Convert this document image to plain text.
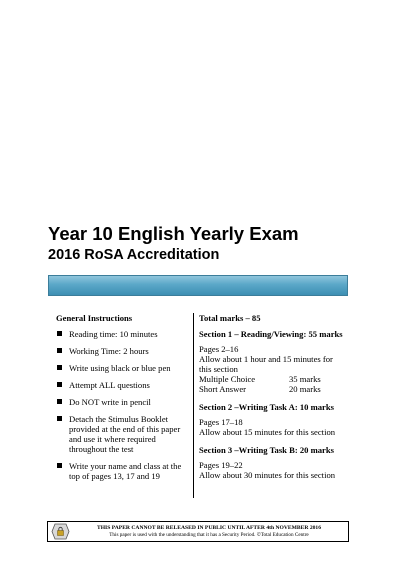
Year 10 English Yearly Exam
2016 RoSA Accreditation

General Instructions

Reading time: 10 minutes
Working Time: 2 hours
Write using black or blue pen
Attempt ALL questions
Do NOT write in pencil
Detach the Stimulus Booklet provided at the end of this paper and use it where required throughout the test
Write your name and class at the top of pages 13, 17 and 19

Total marks – 85

Section 1 – Reading/Viewing: 55 marks

Pages 2–16

Allow about 1 hour and 15 minutes for this section

Multiple Choice	35 marks
Short Answer	20 marks

Section 2 –Writing Task A: 10 marks

Pages 17–18

Allow about 15 minutes for this section

Section 3 –Writing Task B: 20 marks

Pages 19–22

Allow about 30 minutes for this section

THIS PAPER CANNOT BE RELEASED IN PUBLIC UNTIL AFTER 4th NOVEMBER 2016

This paper is used with the understanding that it has a Security Period. ©Total Education Centre
